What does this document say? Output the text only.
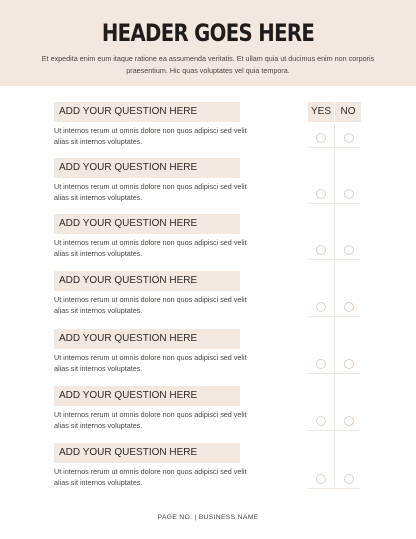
HEADER GOES HERE
Et expedita enim eum itaque ratione ea assumenda veritatis. Et ullam quia ut ducimus enim non corporis praesentium. Hic quas voluptates vel quia tempora.
YES NO
ADD YOUR QUESTION HERE
Ut internos rerum ut omnis dolore non quos adipisci sed velit alias sit internos voluptates.
ADD YOUR QUESTION HERE
Ut internos rerum ut omnis dolore non quos adipisci sed velit alias sit internos voluptates.
ADD YOUR QUESTION HERE
Ut internos rerum ut omnis dolore non quos adipisci sed velit alias sit internos voluptates.
ADD YOUR QUESTION HERE
Ut internos rerum ut omnis dolore non quos adipisci sed velit alias sit internos voluptates.
ADD YOUR QUESTION HERE
Ut internos rerum ut omnis dolore non quos adipisci sed velit alias sit internos voluptates.
ADD YOUR QUESTION HERE
Ut internos rerum ut omnis dolore non quos adipisci sed velit alias sit internos voluptates.
ADD YOUR QUESTION HERE
Ut internos rerum ut omnis dolore non quos adipisci sed velit alias sit internos voluptates.
PAGE NO. | BUSINESS NAME
